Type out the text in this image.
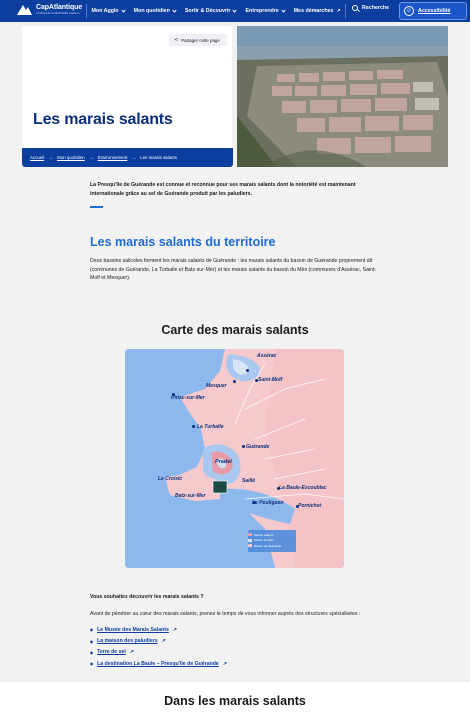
CapAtlantique
LA BAULE-GUÉRANDE AGGLO	Mon Agglo	Mon quotidien	Sortir & Découvrir	Entreprendre	Mes démarches ↗	Recherche	☺	Accessibilité
⋖ Partager cette page
Les marais salants
Accueil → Mon quotidien → Environnement → Les marais salants

La Presqu'île de Guérande est connue et reconnue pour ses marais salants dont la notoriété est maintenant internationale grâce au sel de Guérande produit par les paludiers.

Les marais salants du territoire

Deux bassins salicoles forment les marais salants de Guérande : les marais salants du bassin de Guérande proprement dit (communes de Guérande, La Turballe et Batz-sur-Mer) et les marais salants du bassin du Mès (communes d'Assérac, Saint-Molf et Mesquer).

Carte des marais salants
Assérac
Saint-Molf
Mesquer
Piriac-sur-Mer
La Turballe
Guérande
Pradel
Saillé
Le Croisic
La Baule-Escoublac
Batz-sur-Mer
Le Pouliguen	Pornichet
Marais salants
Bassin du Mès
Bassin de Guérande

Vous souhaitez découvrir les marais salants ?

Avant de pénétrer au cœur des marais salants, prenez le temps de vous informer auprès des structures spécialisées :

◆ Le Musée des Marais Salants ↗
◆ La maison des paludiers ↗
◆ Terre de sel ↗
◆ La destination La Baule – Presqu'île de Guérande ↗
Dans les marais salants
